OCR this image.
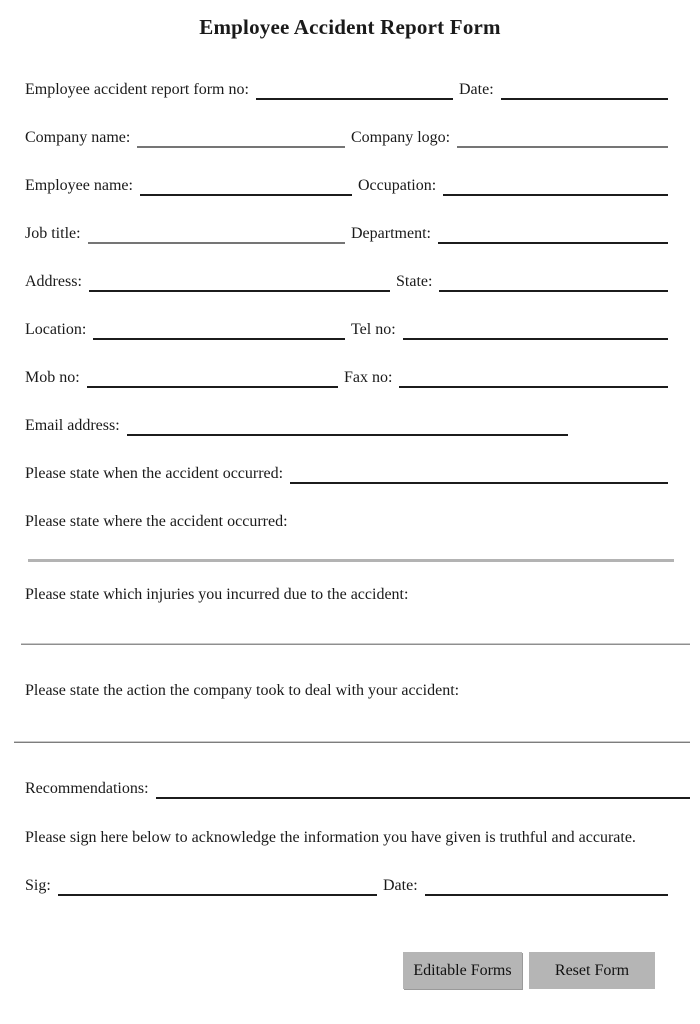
Employee Accident Report Form
Employee accident report form no:	Date:
Company name:	Company logo:
Employee name:	Occupation:
Job title:	Department:
Address:	State:
Location:	Tel no:
Mob no:	Fax no:
Email address:
Please state when the accident occurred:
Please state where the accident occurred:
Please state which injuries you incurred due to the accident:
Please state the action the company took to deal with your accident:
Recommendations:
Please sign here below to acknowledge the information you have given is truthful and accurate.
Sig:	Date:
Editable Forms	Reset Form
